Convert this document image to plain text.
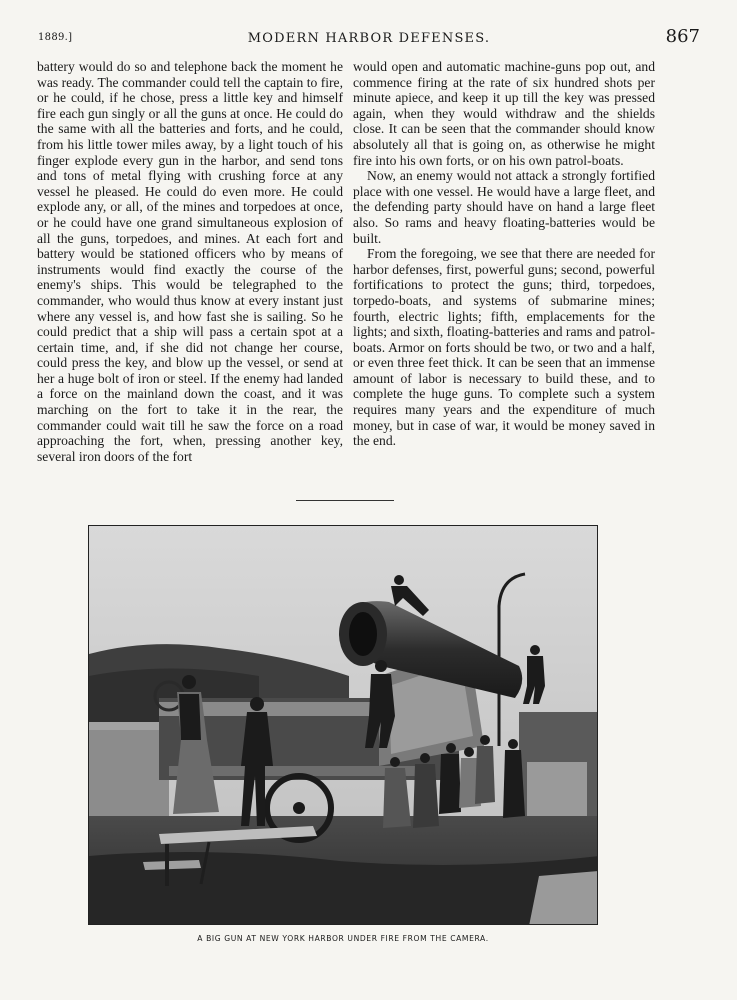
1889.]	MODERN HARBOR DEFENSES.	867

battery would do so and telephone back the moment he was ready. The commander could tell the captain to fire, or he could, if he chose, press a little key and himself fire each gun singly or all the guns at once. He could do the same with all the batteries and forts, and he could, from his little tower miles away, by a light touch of his finger explode every gun in the harbor, and send tons and tons of metal flying with crushing force at any vessel he pleased. He could do even more. He could explode any, or all, of the mines and torpedoes at once, or he could have one grand simultaneous explosion of all the guns, torpedoes, and mines. At each fort and battery would be stationed officers who by means of instruments would find exactly the course of the enemy's ships. This would be telegraphed to the commander, who would thus know at every instant just where any vessel is, and how fast she is sailing. So he could predict that a ship will pass a certain spot at a certain time, and, if she did not change her course, could press the key, and blow up the vessel, or send at her a huge bolt of iron or steel. If the enemy had landed a force on the mainland down the coast, and it was marching on the fort to take it in the rear, the commander could wait till he saw the force on a road approaching the fort, when, pressing another key, several iron doors of the fort

would open and automatic machine-guns pop out, and commence firing at the rate of six hundred shots per minute apiece, and keep it up till the key was pressed again, when they would withdraw and the shields close. It can be seen that the commander should know absolutely all that is going on, as otherwise he might fire into his own forts, or on his own patrol-boats.

Now, an enemy would not attack a strongly fortified place with one vessel. He would have a large fleet, and the defending party should have on hand a large fleet also. So rams and heavy floating-batteries would be built.

From the foregoing, we see that there are needed for harbor defenses, first, powerful guns; second, powerful fortifications to protect the guns; third, torpedoes, torpedo-boats, and systems of submarine mines; fourth, electric lights; fifth, emplacements for the lights; and sixth, floating-batteries and rams and patrol-boats. Armor on forts should be two, or two and a half, or even three feet thick. It can be seen that an immense amount of labor is necessary to build these, and to complete the huge guns. To complete such a system requires many years and the expenditure of much money, but in case of war, it would be money saved in the end.

A BIG GUN AT NEW YORK HARBOR UNDER FIRE FROM THE CAMERA.
